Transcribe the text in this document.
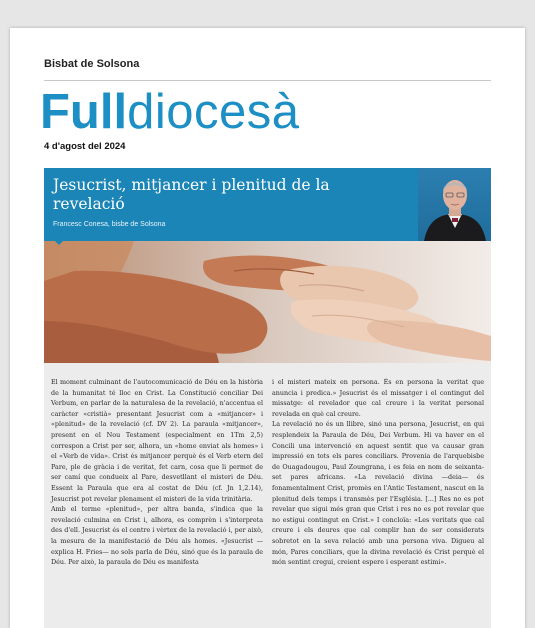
Bisbat de Solsona
Fulldiocesà
4 d'agost del 2024
Jesucrist, mitjancer i plenitud de la revelació
Francesc Conesa, bisbe de Solsona

El moment culminant de l'autocomunicació de Déu en la història de la humanitat té lloc en Crist. La Constitució conciliar Dei Verbum, en parlar de la naturalesa de la revelació, n'accentua el caràcter «cristià» presentant Jesucrist com a «mitjancer» i «plenitud» de la revelació (cf. DV 2). La paraula «mitjancer», present en el Nou Testament (especialment en 1Tm 2,5) correspon a Crist per ser, alhora, un «home enviat als homes» i el «Verb de vida». Crist és mitjancer perquè és el Verb etern del Pare, ple de gràcia i de veritat, fet carn, cosa que li permet de ser camí que condueix al Pare, desvetllant el misteri de Déu. Essent la Paraula que era al costat de Déu (cf. Jn 1,2.14), Jesucrist pot revelar plenament el misteri de la vida trinitària.

Amb el terme «plenitud», per altra banda, s'indica que la revelació culmina en Crist i, alhora, es comprèn i s'interpreta des d'ell. Jesucrist és el centre i vèrtex de la revelació i, per això, la mesura de la manifestació de Déu als homes. «Jesucrist —explica H. Fries— no sols parla de Déu, sinó que és la paraula de Déu. Per això, la paraula de Déu es manifesta

i el misteri mateix en persona. És en persona la veritat que anuncia i predica.» Jesucrist és el missatger i el contingut del missatge: el revelador que cal creure i la veritat personal revelada en què cal creure.

La revelació no és un llibre, sinó una persona, Jesucrist, en qui resplendeix la Paraula de Déu, Dei Verbum. Hi va haver en el Concili una intervenció en aquest sentit que va causar gran impressió en tots els pares conciliars. Provenia de l'arquebisbe de Ouagadougou, Paul Zoungrana, i es feia en nom de seixanta-set pares africans. «La revelació divina —deia— és fonamentalment Crist, promès en l'Antic Testament, nascut en la plenitud dels temps i transmès per l'Església. [...] Res no es pot revelar que sigui més gran que Crist i res no es pot revelar que no estigui contingut en Crist.» I concloïa: «Les veritats que cal creure i els deures que cal complir han de ser considerats sobretot en la seva relació amb una persona viva. Digueu al món, Pares conciliars, que la divina revelació és Crist perquè el món sentint cregui, creient espere i esperant estimi».
